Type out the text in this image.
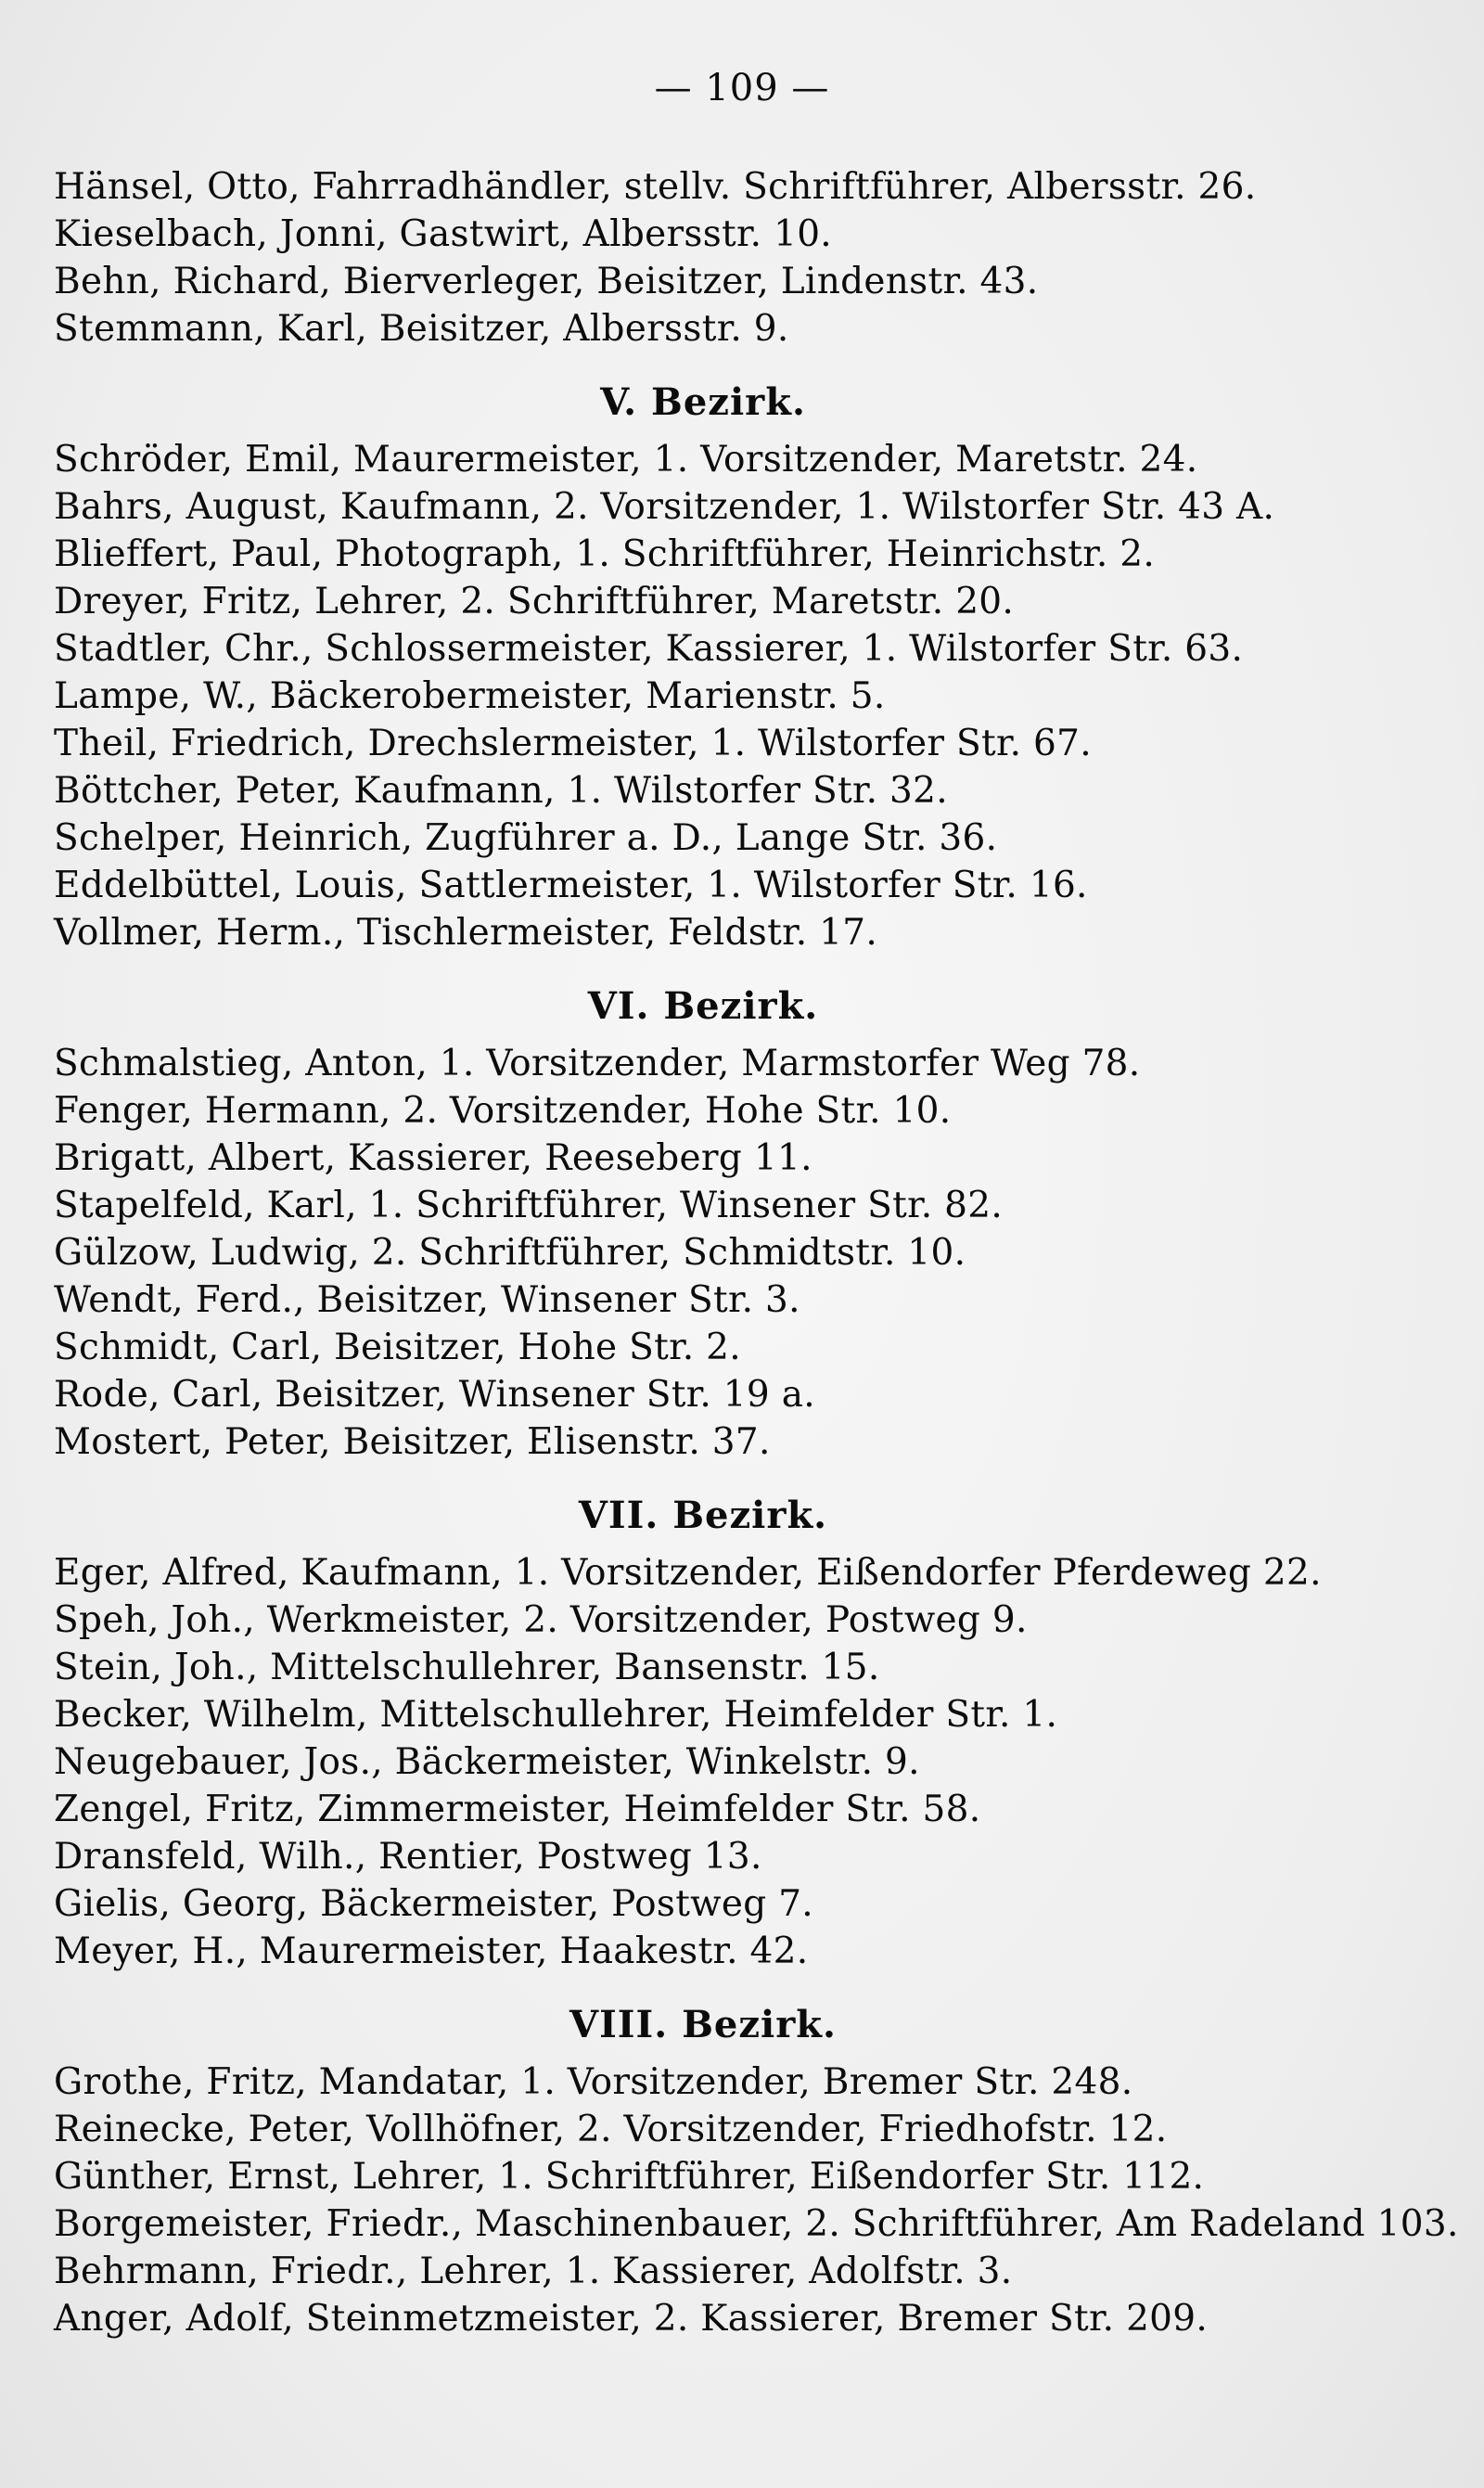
— 109 —
Hänsel, Otto, Fahrradhändler, stellv. Schriftführer, Albersstr. 26.
Kieselbach, Jonni, Gastwirt, Albersstr. 10.
Behn, Richard, Bierverleger, Beisitzer, Lindenstr. 43.
Stemmann, Karl, Beisitzer, Albersstr. 9.
V. Bezirk.
Schröder, Emil, Maurermeister, 1. Vorsitzender, Maretstr. 24.
Bahrs, August, Kaufmann, 2. Vorsitzender, 1. Wilstorfer Str. 43 A.
Blieffert, Paul, Photograph, 1. Schriftführer, Heinrichstr. 2.
Dreyer, Fritz, Lehrer, 2. Schriftführer, Maretstr. 20.
Stadtler, Chr., Schlossermeister, Kassierer, 1. Wilstorfer Str. 63.
Lampe, W., Bäckerobermeister, Marienstr. 5.
Theil, Friedrich, Drechslermeister, 1. Wilstorfer Str. 67.
Böttcher, Peter, Kaufmann, 1. Wilstorfer Str. 32.
Schelper, Heinrich, Zugführer a. D., Lange Str. 36.
Eddelbüttel, Louis, Sattlermeister, 1. Wilstorfer Str. 16.
Vollmer, Herm., Tischlermeister, Feldstr. 17.
VI. Bezirk.
Schmalstieg, Anton, 1. Vorsitzender, Marmstorfer Weg 78.
Fenger, Hermann, 2. Vorsitzender, Hohe Str. 10.
Brigatt, Albert, Kassierer, Reeseberg 11.
Stapelfeld, Karl, 1. Schriftführer, Winsener Str. 82.
Gülzow, Ludwig, 2. Schriftführer, Schmidtstr. 10.
Wendt, Ferd., Beisitzer, Winsener Str. 3.
Schmidt, Carl, Beisitzer, Hohe Str. 2.
Rode, Carl, Beisitzer, Winsener Str. 19 a.
Mostert, Peter, Beisitzer, Elisenstr. 37.
VII. Bezirk.
Eger, Alfred, Kaufmann, 1. Vorsitzender, Eißendorfer Pferdeweg 22.
Speh, Joh., Werkmeister, 2. Vorsitzender, Postweg 9.
Stein, Joh., Mittelschullehrer, Bansenstr. 15.
Becker, Wilhelm, Mittelschullehrer, Heimfelder Str. 1.
Neugebauer, Jos., Bäckermeister, Winkelstr. 9.
Zengel, Fritz, Zimmermeister, Heimfelder Str. 58.
Dransfeld, Wilh., Rentier, Postweg 13.
Gielis, Georg, Bäckermeister, Postweg 7.
Meyer, H., Maurermeister, Haakestr. 42.
VIII. Bezirk.
Grothe, Fritz, Mandatar, 1. Vorsitzender, Bremer Str. 248.
Reinecke, Peter, Vollhöfner, 2. Vorsitzender, Friedhofstr. 12.
Günther, Ernst, Lehrer, 1. Schriftführer, Eißendorfer Str. 112.
Borgemeister, Friedr., Maschinenbauer, 2. Schriftführer, Am Radeland 103.
Behrmann, Friedr., Lehrer, 1. Kassierer, Adolfstr. 3.
Anger, Adolf, Steinmetzmeister, 2. Kassierer, Bremer Str. 209.
